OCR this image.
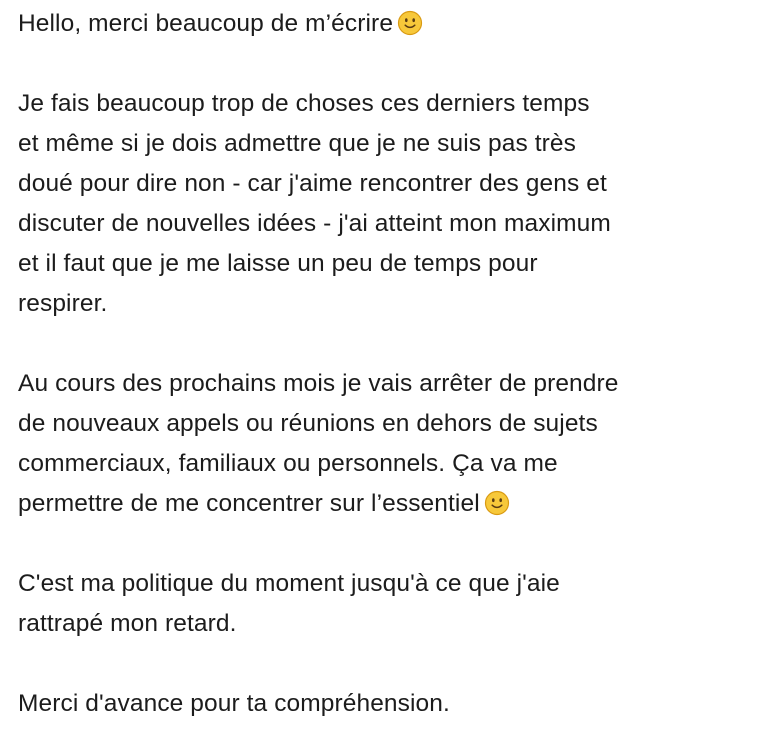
Hello, merci beaucoup de m’écrire

Je fais beaucoup trop de choses ces derniers temps
et même si je dois admettre que je ne suis pas très
doué pour dire non - car j'aime rencontrer des gens et
discuter de nouvelles idées - j'ai atteint mon maximum
et il faut que je me laisse un peu de temps pour
respirer.

Au cours des prochains mois je vais arrêter de prendre
de nouveaux appels ou réunions en dehors de sujets
commerciaux, familiaux ou personnels. Ça va me
permettre de me concentrer sur l’essentiel

C'est ma politique du moment jusqu'à ce que j'aie
rattrapé mon retard.

Merci d'avance pour ta compréhension.
